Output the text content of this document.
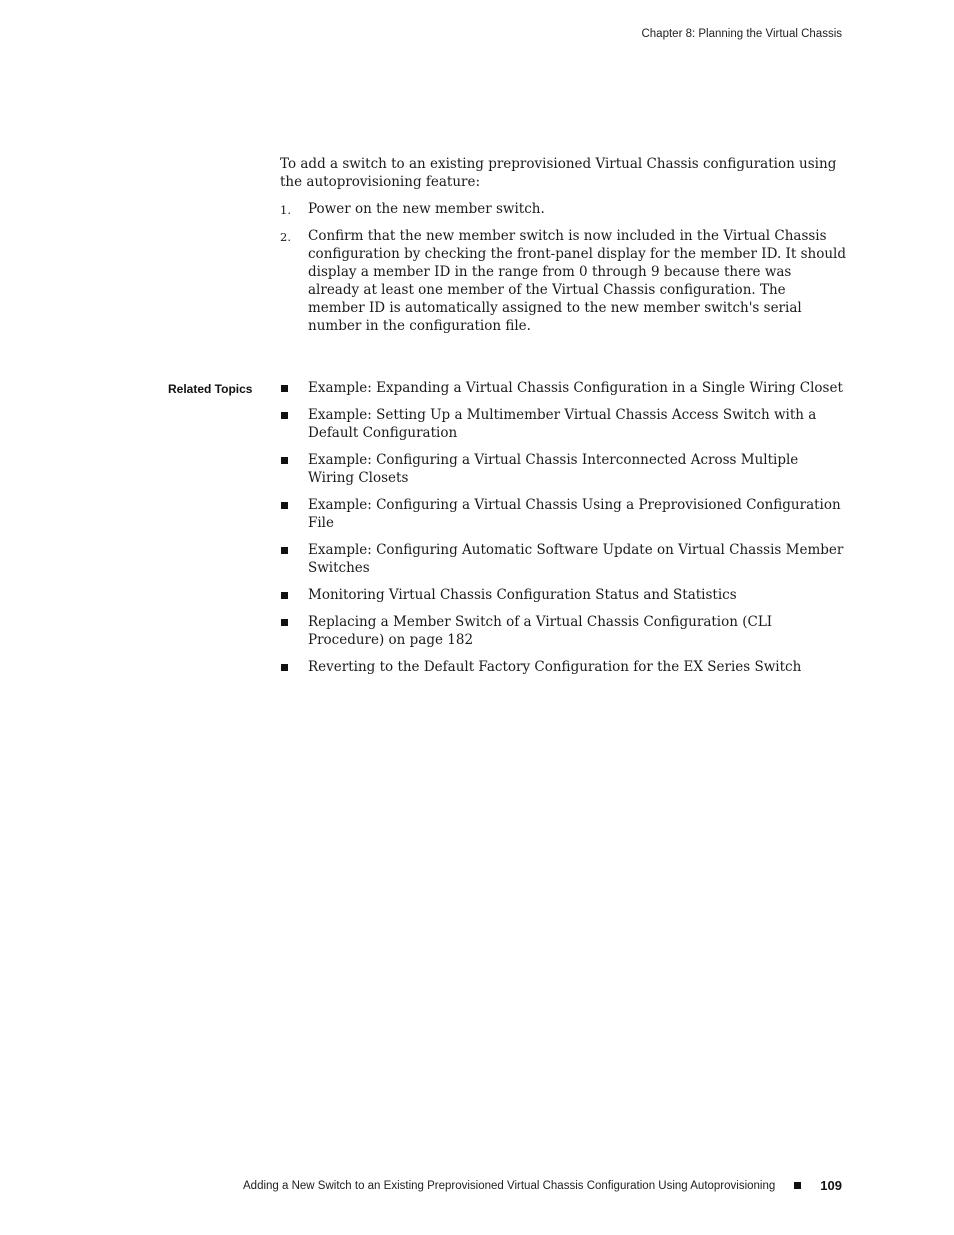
Chapter 8: Planning the Virtual Chassis

To add a switch to an existing preprovisioned Virtual Chassis configuration using the autoprovisioning feature:

1. Power on the new member switch.
2. Confirm that the new member switch is now included in the Virtual Chassis configuration by checking the front-panel display for the member ID. It should display a member ID in the range from 0 through 9 because there was already at least one member of the Virtual Chassis configuration. The member ID is automatically assigned to the new member switch's serial number in the configuration file.
Related Topics	Example: Expanding a Virtual Chassis Configuration in a Single Wiring Closet
Example: Setting Up a Multimember Virtual Chassis Access Switch with a Default Configuration
Example: Configuring a Virtual Chassis Interconnected Across Multiple Wiring Closets
Example: Configuring a Virtual Chassis Using a Preprovisioned Configuration File
Example: Configuring Automatic Software Update on Virtual Chassis Member Switches
Monitoring Virtual Chassis Configuration Status and Statistics
Replacing a Member Switch of a Virtual Chassis Configuration (CLI Procedure) on page 182
Reverting to the Default Factory Configuration for the EX Series Switch
Adding a New Switch to an Existing Preprovisioned Virtual Chassis Configuration Using Autoprovisioning	109
